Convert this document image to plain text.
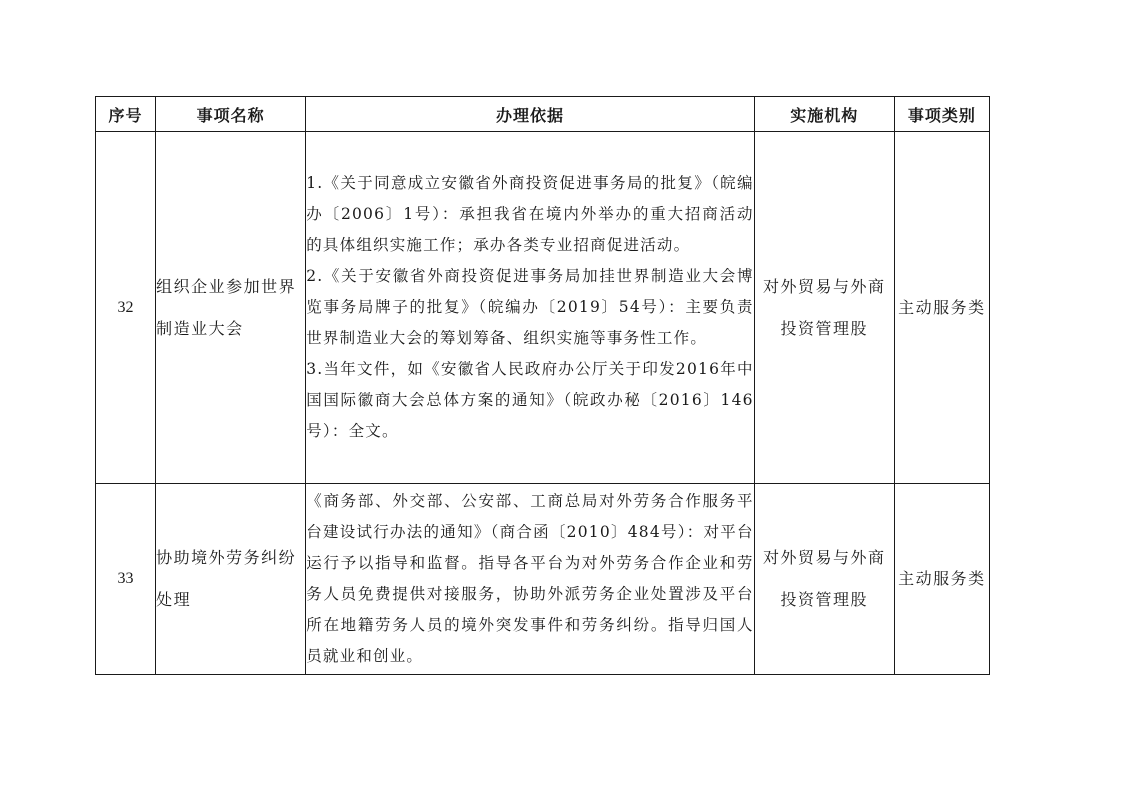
序号	事项名称	办理依据	实施机构	事项类别
32	组织企业参加世界制造业大会	1.《关于同意成立安徽省外商投资促进事务局的批复》（皖编办〔2006〕1号）：承担我省在境内外举办的重大招商活动的具体组织实施工作；承办各类专业招商促进活动。

2.《关于安徽省外商投资促进事务局加挂世界制造业大会博览事务局牌子的批复》（皖编办〔2019〕54号）：主要负责世界制造业大会的筹划筹备、组织实施等事务性工作。

3.当年文件，如《安徽省人民政府办公厅关于印发2016年中国国际徽商大会总体方案的通知》（皖政办秘〔2016〕146号）：全文。	对外贸易与外商投资管理股	主动服务类
33	协助境外劳务纠纷处理	《商务部、外交部、公安部、工商总局对外劳务合作服务平台建设试行办法的通知》（商合函〔2010〕484号）：对平台运行予以指导和监督。指导各平台为对外劳务合作企业和劳务人员免费提供对接服务，协助外派劳务企业处置涉及平台所在地籍劳务人员的境外突发事件和劳务纠纷。指导归国人员就业和创业。	对外贸易与外商投资管理股	主动服务类
